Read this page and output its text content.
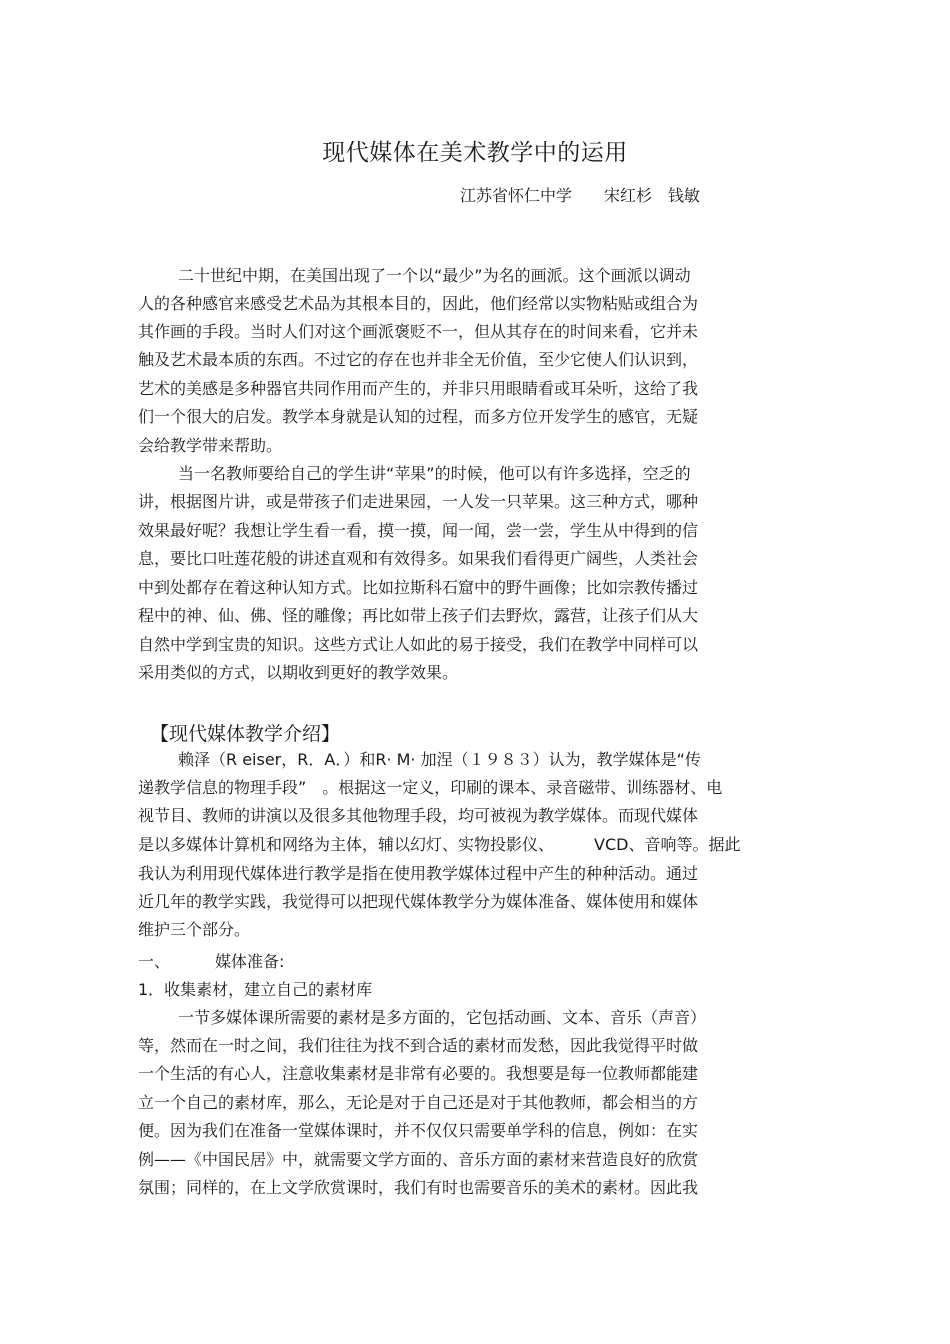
现代媒体在美术教学中的运用
江苏省怀仁中学　　宋红杉　钱敏
二十世纪中期，在美国出现了一个以“最少”为名的画派。这个画派以调动
人的各种感官来感受艺术品为其根本目的，因此，他们经常以实物粘贴或组合为
其作画的手段。当时人们对这个画派褒贬不一，但从其存在的时间来看，它并未
触及艺术最本质的东西。不过它的存在也并非全无价值，至少它使人们认识到，
艺术的美感是多种器官共同作用而产生的，并非只用眼睛看或耳朵听，这给了我
们一个很大的启发。教学本身就是认知的过程，而多方位开发学生的感官，无疑
会给教学带来帮助。
当一名教师要给自己的学生讲“苹果”的时候，他可以有许多选择，空乏的
讲，根据图片讲，或是带孩子们走进果园，一人发一只苹果。这三种方式，哪种
效果最好呢？我想让学生看一看，摸一摸，闻一闻，尝一尝，学生从中得到的信
息，要比口吐莲花般的讲述直观和有效得多。如果我们看得更广阔些，人类社会
中到处都存在着这种认知方式。比如拉斯科石窟中的野牛画像；比如宗教传播过
程中的神、仙、佛、怪的雕像；再比如带上孩子们去野炊，露营，让孩子们从大
自然中学到宝贵的知识。这些方式让人如此的易于接受，我们在教学中同样可以
采用类似的方式，以期收到更好的教学效果。
【现代媒体教学介绍】
赖泽（R eiser，R．A．）和R· M· 加涅（１９８３）认为，教学媒体是“传
递教学信息的物理手段”　。根据这一定义，印刷的课本、录音磁带、训练器材、电
视节目、教师的讲演以及很多其他物理手段，均可被视为教学媒体。而现代媒体
是以多媒体计算机和网络为主体，辅以幻灯、实物投影仪、　　　VCD、音响等。据此
我认为利用现代媒体进行教学是指在使用教学媒体过程中产生的种种活动。通过
近几年的教学实践，我觉得可以把现代媒体教学分为媒体准备、媒体使用和媒体
维护三个部分。
一、	媒体准备:
1．收集素材，建立自己的素材库
一节多媒体课所需要的素材是多方面的，它包括动画、文本、音乐（声音）
等，然而在一时之间，我们往往为找不到合适的素材而发愁，因此我觉得平时做
一个生活的有心人，注意收集素材是非常有必要的。我想要是每一位教师都能建
立一个自己的素材库，那么，无论是对于自己还是对于其他教师，都会相当的方
便。因为我们在准备一堂媒体课时，并不仅仅只需要单学科的信息，例如：在实
例——《中国民居》中，就需要文学方面的、音乐方面的素材来营造良好的欣赏
氛围；同样的，在上文学欣赏课时，我们有时也需要音乐的美术的素材。因此我
